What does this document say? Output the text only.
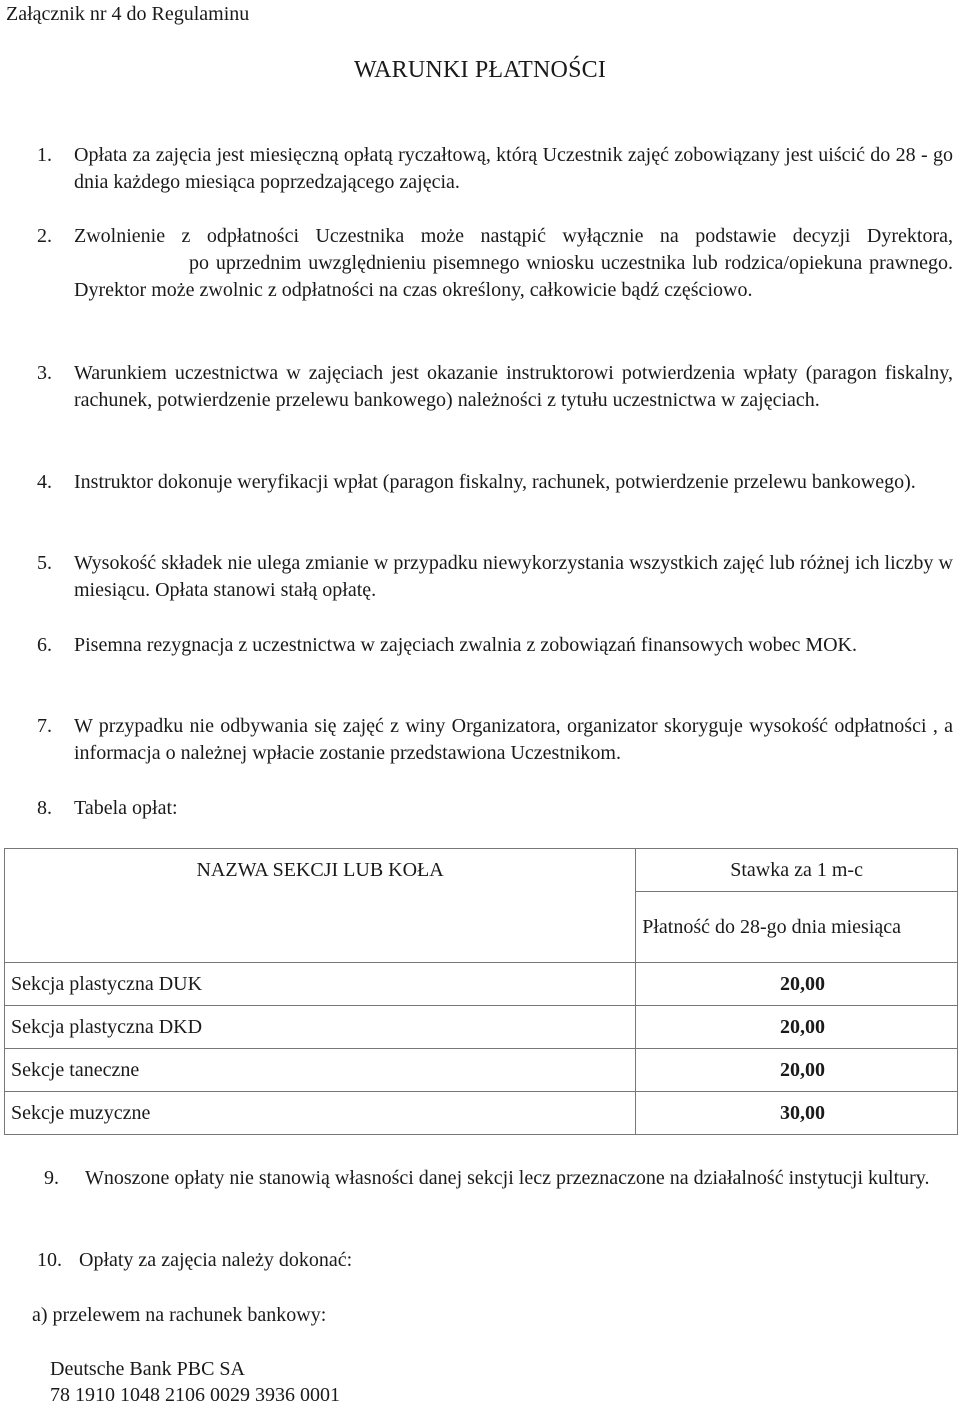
Załącznik nr 4 do Regulaminu
WARUNKI PŁATNOŚCI
1.	Opłata za zajęcia jest miesięczną opłatą ryczałtową, którą Uczestnik zajęć zobowiązany jest uiścić do 28 - go dnia każdego miesiąca poprzedzającego zajęcia.
2.	Zwolnienie z odpłatności Uczestnika może nastąpić wyłącznie na podstawie decyzji Dyrektora,po uprzednim uwzględnieniu pisemnego wniosku uczestnika lub rodzica/opiekuna prawnego. Dyrektor może zwolnic z odpłatności na czas określony, całkowicie bądź częściowo.
3.	Warunkiem uczestnictwa w zajęciach jest okazanie instruktorowi potwierdzenia wpłaty (paragon fiskalny, rachunek, potwierdzenie przelewu bankowego) należności z tytułu uczestnictwa w zajęciach.
4.	Instruktor dokonuje weryfikacji wpłat (paragon fiskalny, rachunek, potwierdzenie przelewu bankowego).
5.	Wysokość składek nie ulega zmianie w przypadku niewykorzystania wszystkich zajęć lub różnej ich liczby w miesiącu. Opłata stanowi stałą opłatę.
6.	Pisemna rezygnacja z uczestnictwa w zajęciach zwalnia z zobowiązań finansowych wobec MOK.
7.	W przypadku nie odbywania się zajęć z winy Organizatora, organizator skoryguje wysokość odpłatności , a informacja o należnej wpłacie zostanie przedstawiona Uczestnikom.
8.	Tabela opłat:
NAZWA SEKCJI LUB KOŁA	Stawka za 1 m-c
	Płatność do 28-go dnia miesiąca
Sekcja plastyczna DUK	20,00
Sekcja plastyczna DKD	20,00
Sekcje taneczne	20,00
Sekcje muzyczne	30,00
9. Wnoszone opłaty nie stanowią własności danej sekcji lecz przeznaczone na działalność instytucji kultury.
10. Opłaty za zajęcia należy dokonać:
a) przelewem na rachunek bankowy:
Deutsche Bank PBC SA
78 1910 1048 2106 0029 3936 0001
